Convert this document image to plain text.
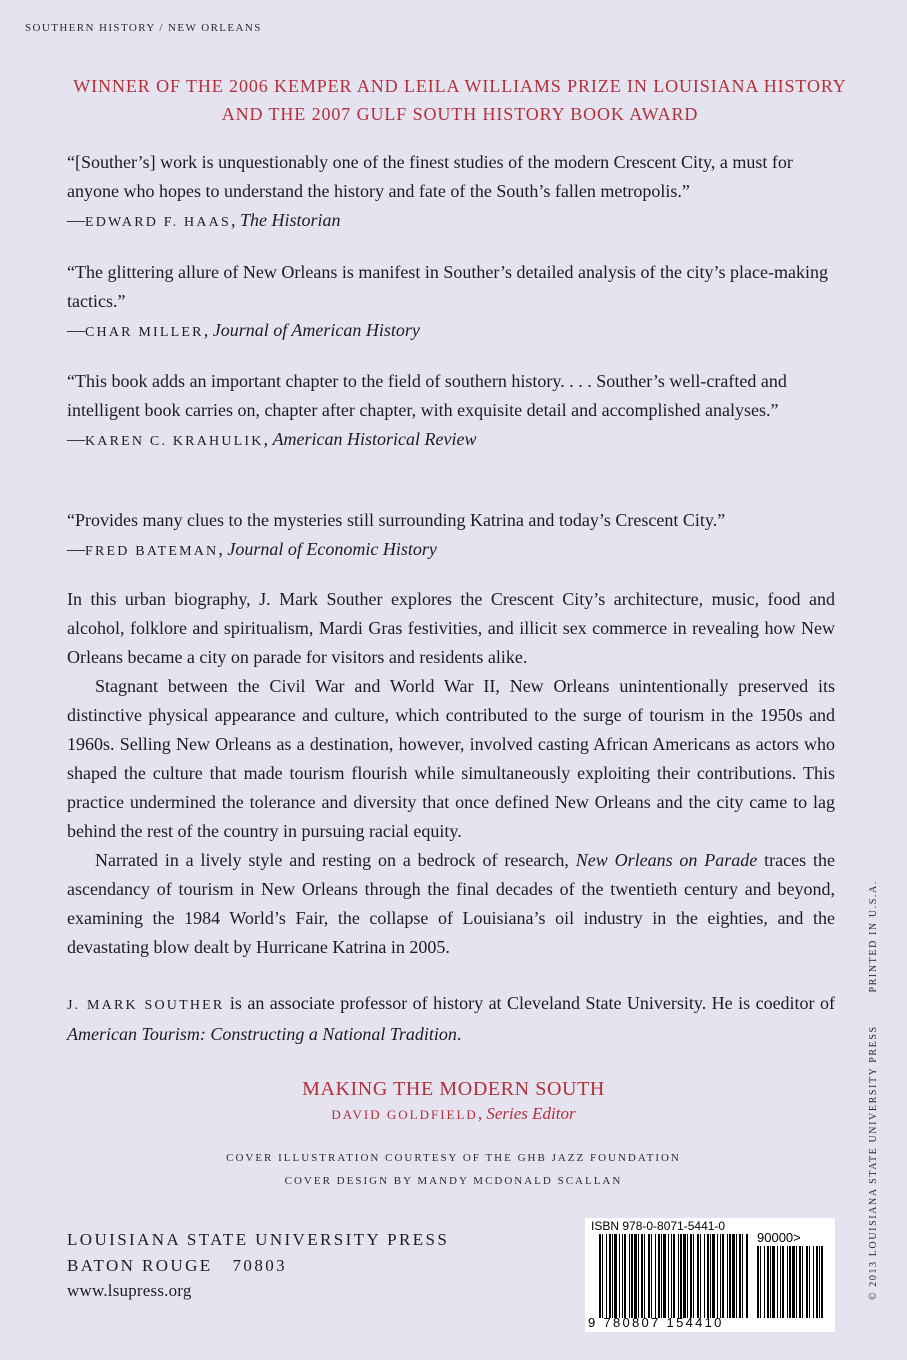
SOUTHERN HISTORY / NEW ORLEANS
WINNER OF THE 2006 KEMPER AND LEILA WILLIAMS PRIZE IN LOUISIANA HISTORY
AND THE 2007 GULF SOUTH HISTORY BOOK AWARD

“[Souther’s] work is unquestionably one of the finest studies of the modern Crescent City, a must for anyone who hopes to understand the history and fate of the South’s fallen metropolis.”

—EDWARD F. HAAS, The Historian

“The glittering allure of New Orleans is manifest in Souther’s detailed analysis of the city’s place-making tactics.”

—CHAR MILLER, Journal of American History

“This book adds an important chapter to the field of southern history. . . . Souther’s well-crafted and intelligent book carries on, chapter after chapter, with exquisite detail and accomplished analyses.”

—KAREN C. KRAHULIK, American Historical Review

“Provides many clues to the mysteries still surrounding Katrina and today’s Crescent City.”

—FRED BATEMAN, Journal of Economic History

In this urban biography, J. Mark Souther explores the Crescent City’s architecture, music, food and alcohol, folklore and spiritualism, Mardi Gras festivities, and illicit sex commerce in revealing how New Orleans became a city on parade for visitors and residents alike.

Stagnant between the Civil War and World War II, New Orleans unintentionally preserved its distinctive physical appearance and culture, which contributed to the surge of tourism in the 1950s and 1960s. Selling New Orleans as a destination, however, involved casting African Americans as actors who shaped the culture that made tourism flourish while simultaneously exploiting their contributions. This practice undermined the tolerance and diversity that once defined New Orleans and the city came to lag behind the rest of the country in pursuing racial equity.

Narrated in a lively style and resting on a bedrock of research, New Orleans on Parade traces the ascendancy of tourism in New Orleans through the final decades of the twentieth century and beyond, examining the 1984 World’s Fair, the collapse of Louisiana’s oil industry in the eighties, and the devastating blow dealt by Hurricane Katrina in 2005.

J. MARK SOUTHER is an associate professor of history at Cleveland State University. He is coeditor of American Tourism: Constructing a National Tradition.

MAKING THE MODERN SOUTH
DAVID GOLDFIELD, Series Editor
COVER ILLUSTRATION COURTESY OF THE GHB JAZZ FOUNDATION
COVER DESIGN BY MANDY MCDONALD SCALLAN
LOUISIANA STATE UNIVERSITY PRESS
BATON ROUGE   70803
www.lsupress.org
ISBN 978-0-8071-5441-0
90000>
9 780807 154410
© 2013 LOUISIANA STATE UNIVERSITY PRESS        PRINTED IN U.S.A.
